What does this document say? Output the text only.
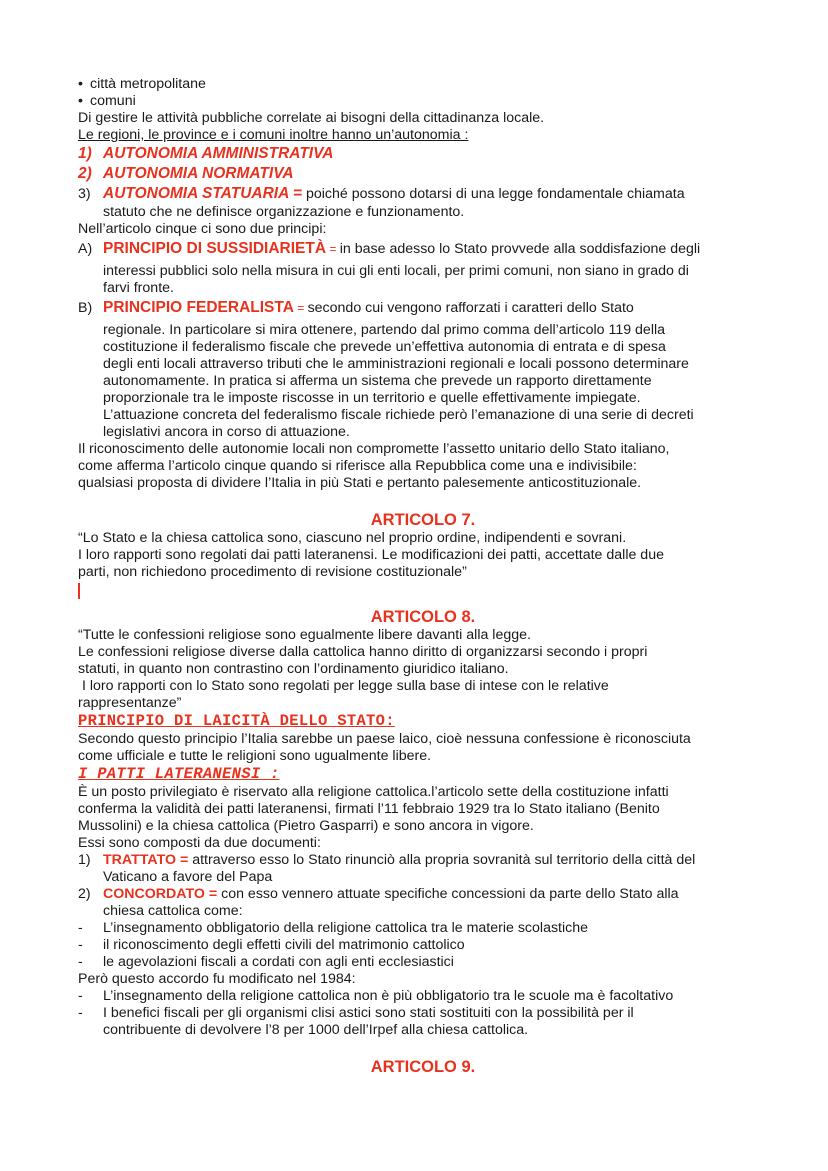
• città metropolitane
• comuni
Di gestire le attività pubbliche correlate ai bisogni della cittadinanza locale.
Le regioni, le province e i comuni inoltre hanno un’autonomia :
1) AUTONOMIA AMMINISTRATIVA
2) AUTONOMIA NORMATIVA
3) AUTONOMIA STATUARIA = poiché possono dotarsi di una legge fondamentale chiamata
statuto che ne definisce organizzazione e funzionamento.
Nell’articolo cinque ci sono due principi:
A) PRINCIPIO DI SUSSIDIARIETÀ = in base adesso lo Stato provvede alla soddisfazione degli
interessi pubblici solo nella misura in cui gli enti locali, per primi comuni, non siano in grado di
farvi fronte.
B) PRINCIPIO FEDERALISTA = secondo cui vengono rafforzati i caratteri dello Stato
regionale. In particolare si mira ottenere, partendo dal primo comma dell’articolo 119 della
costituzione il federalismo fiscale che prevede un’effettiva autonomia di entrata e di spesa
degli enti locali attraverso tributi che le amministrazioni regionali e locali possono determinare
autonomamente. In pratica si afferma un sistema che prevede un rapporto direttamente
proporzionale tra le imposte riscosse in un territorio e quelle effettivamente impiegate.
L’attuazione concreta del federalismo fiscale richiede però l’emanazione di una serie di decreti
legislativi ancora in corso di attuazione.
Il riconoscimento delle autonomie locali non compromette l’assetto unitario dello Stato italiano,
come afferma l’articolo cinque quando si riferisce alla Repubblica come una e indivisibile:
qualsiasi proposta di dividere l’Italia in più Stati e pertanto palesemente anticostituzionale.
ARTICOLO 7.
“Lo Stato e la chiesa cattolica sono, ciascuno nel proprio ordine, indipendenti e sovrani.
I loro rapporti sono regolati dai patti lateranensi. Le modificazioni dei patti, accettate dalle due
parti, non richiedono procedimento di revisione costituzionale”
ARTICOLO 8.
“Tutte le confessioni religiose sono egualmente libere davanti alla legge.
Le confessioni religiose diverse dalla cattolica hanno diritto di organizzarsi secondo i propri
statuti, in quanto non contrastino con l’ordinamento giuridico italiano.
I loro rapporti con lo Stato sono regolati per legge sulla base di intese con le relative
rappresentanze”
PRINCIPIO DI LAICITÀ DELLO STATO:
Secondo questo principio l’Italia sarebbe un paese laico, cioè nessuna confessione è riconosciuta
come ufficiale e tutte le religioni sono ugualmente libere.
I PATTI LATERANENSI :
È un posto privilegiato è riservato alla religione cattolica.l’articolo sette della costituzione infatti
conferma la validità dei patti lateranensi, firmati l’11 febbraio 1929 tra lo Stato italiano (Benito
Mussolini) e la chiesa cattolica (Pietro Gasparri) e sono ancora in vigore.
Essi sono composti da due documenti:
1) TRATTATO = attraverso esso lo Stato rinunciò alla propria sovranità sul territorio della città del
Vaticano a favore del Papa
2) CONCORDATO = con esso vennero attuate specifiche concessioni da parte dello Stato alla
chiesa cattolica come:
- L’insegnamento obbligatorio della religione cattolica tra le materie scolastiche
- il riconoscimento degli effetti civili del matrimonio cattolico
- le agevolazioni fiscali a cordati con agli enti ecclesiastici
Però questo accordo fu modificato nel 1984:
- L’insegnamento della religione cattolica non è più obbligatorio tra le scuole ma è facoltativo
- I benefici fiscali per gli organismi clisi astici sono stati sostituiti con la possibilità per il
contribuente di devolvere l’8 per 1000 dell’Irpef alla chiesa cattolica.
ARTICOLO 9.
